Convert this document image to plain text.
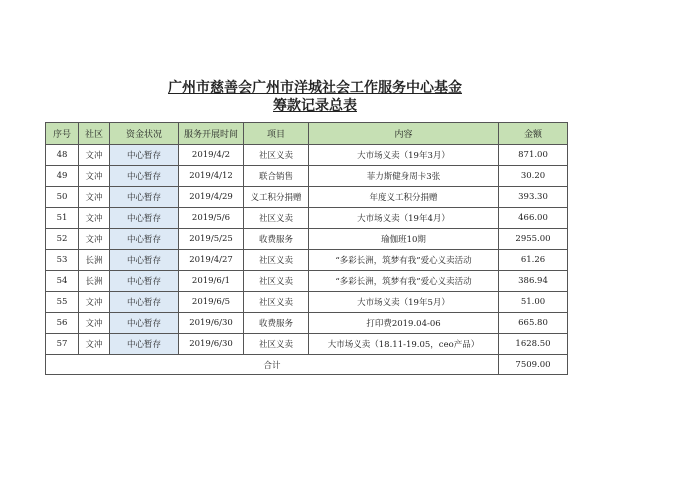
广州市慈善会广州市洋城社会工作服务中心基金
筹款记录总表
序号	社区	资金状况	服务开展时间	项目	内容	金额
48	文冲	中心暂存	2019/4/2	社区义卖	大市场义卖（19年3月）	871.00
49	文冲	中心暂存	2019/4/12	联合销售	菲力斯健身周卡3张	30.20
50	文冲	中心暂存	2019/4/29	义工积分捐赠	年度义工积分捐赠	393.30
51	文冲	中心暂存	2019/5/6	社区义卖	大市场义卖（19年4月）	466.00
52	文冲	中心暂存	2019/5/25	收费服务	瑜伽班10期	2955.00
53	长洲	中心暂存	2019/4/27	社区义卖	“多彩长洲，筑梦有我”爱心义卖活动	61.26
54	长洲	中心暂存	2019/6/1	社区义卖	“多彩长洲，筑梦有我”爱心义卖活动	386.94
55	文冲	中心暂存	2019/6/5	社区义卖	大市场义卖（19年5月）	51.00
56	文冲	中心暂存	2019/6/30	收费服务	打印费2019.04-06	665.80
57	文冲	中心暂存	2019/6/30	社区义卖	大市场义卖（18.11-19.05，ceo产品）	1628.50
合计						7509.00
